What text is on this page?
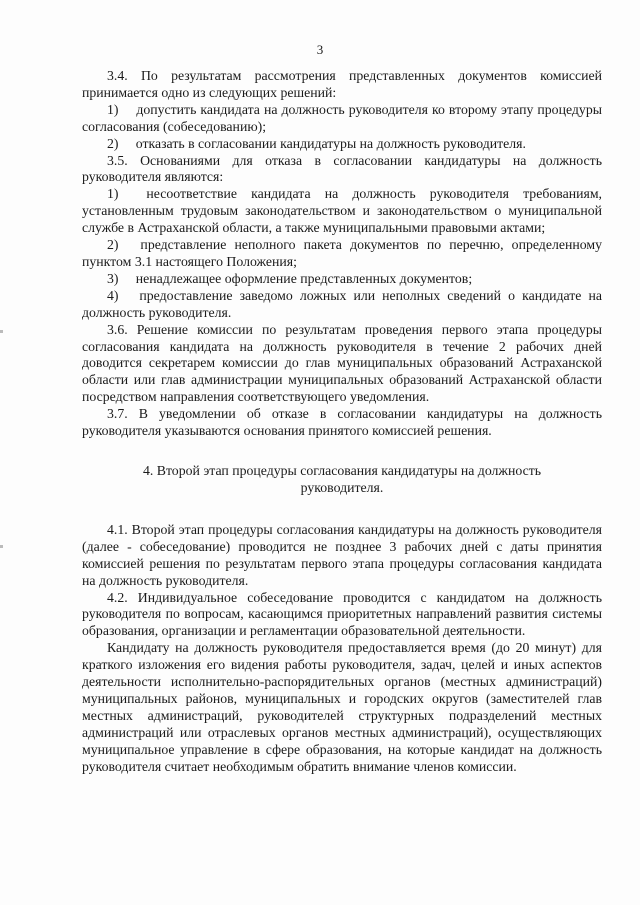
3

3.4. По результатам рассмотрения представленных документов комиссией принимается одно из следующих решений:

1)  допустить кандидата на должность руководителя ко второму этапу процедуры согласования (собеседованию);

2)  отказать в согласовании кандидатуры на должность руководителя.

3.5. Основаниями для отказа в согласовании кандидатуры на должность руководителя являются:

1)  несоответствие кандидата на должность руководителя требованиям, установленным трудовым законодательством и законодательством о муниципальной службе в Астраханской области, а также муниципальными правовыми актами;

2)  представление неполного пакета документов по перечню, определенному пунктом 3.1 настоящего Положения;

3)  ненадлежащее оформление представленных документов;

4)  предоставление заведомо ложных или неполных сведений о кандидате на должность руководителя.

3.6. Решение комиссии по результатам проведения первого этапа процедуры согласования кандидата на должность руководителя в течение 2 рабочих дней доводится секретарем комиссии до глав муниципальных образований Астраханской области или глав администрации муниципальных образований Астраханской области посредством направления соответствующего уведомления.

3.7. В уведомлении об отказе в согласовании кандидатуры на должность руководителя указываются основания принятого комиссией решения.

4. Второй этап процедуры согласования кандидатуры на должность руководителя.

4.1. Второй этап процедуры согласования кандидатуры на должность руководителя (далее - собеседование) проводится не позднее 3 рабочих дней с даты принятия комиссией решения по результатам первого этапа процедуры согласования кандидата на должность руководителя.

4.2. Индивидуальное собеседование проводится с кандидатом на должность руководителя по вопросам, касающимся приоритетных направлений развития системы образования, организации и регламентации образовательной деятельности.

Кандидату на должность руководителя предоставляется время (до 20 минут) для краткого изложения его видения работы руководителя, задач, целей и иных аспектов деятельности исполнительно-распорядительных органов (местных администраций) муниципальных районов, муниципальных и городских округов (заместителей глав местных администраций, руководителей структурных подразделений местных администраций или отраслевых органов местных администраций), осуществляющих муниципальное управление в сфере образования, на которые кандидат на должность руководителя считает необходимым обратить внимание членов комиссии.
